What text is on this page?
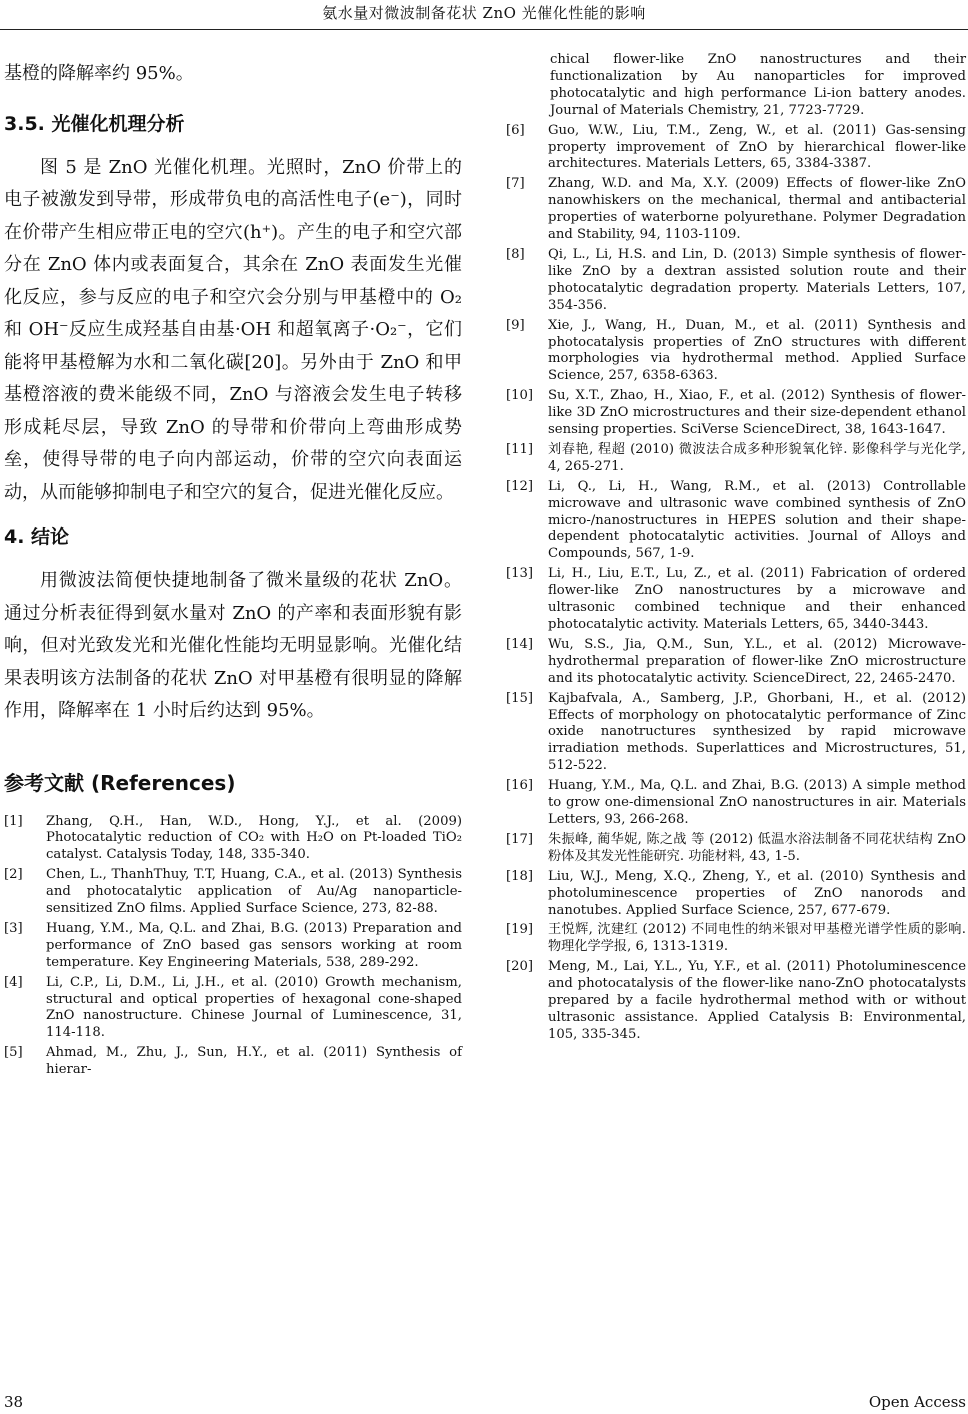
氨水量对微波制备花状 ZnO 光催化性能的影响

基橙的降解率约 95%。

3.5. 光催化机理分析

图 5 是 ZnO 光催化机理。光照时，ZnO 价带上的电子被激发到导带，形成带负电的高活性电子(e⁻)，同时在价带产生相应带正电的空穴(h⁺)。产生的电子和空穴部分在 ZnO 体内或表面复合，其余在 ZnO 表面发生光催化反应，参与反应的电子和空穴会分别与甲基橙中的 O₂ 和 OH⁻反应生成羟基自由基·OH 和超氧离子·O₂⁻，它们能将甲基橙解为水和二氧化碳[20]。另外由于 ZnO 和甲基橙溶液的费米能级不同，ZnO 与溶液会发生电子转移形成耗尽层，导致 ZnO 的导带和价带向上弯曲形成势垒，使得导带的电子向内部运动，价带的空穴向表面运动，从而能够抑制电子和空穴的复合，促进光催化反应。

4. 结论

用微波法简便快捷地制备了微米量级的花状 ZnO。通过分析表征得到氨水量对 ZnO 的产率和表面形貌有影响，但对光致发光和光催化性能均无明显影响。光催化结果表明该方法制备的花状 ZnO 对甲基橙有很明显的降解作用，降解率在 1 小时后约达到 95%。

参考文献 (References)
[1]	Zhang, Q.H., Han, W.D., Hong, Y.J., et al. (2009) Photocatalytic reduction of CO₂ with H₂O on Pt-loaded TiO₂ catalyst. Catalysis Today, 148, 335-340.
[2]	Chen, L., ThanhThuy, T.T, Huang, C.A., et al. (2013) Synthesis and photocatalytic application of Au/Ag nanoparticle-sensitized ZnO films. Applied Surface Science, 273, 82-88.
[3]	Huang, Y.M., Ma, Q.L. and Zhai, B.G. (2013) Preparation and performance of ZnO based gas sensors working at room temperature. Key Engineering Materials, 538, 289-292.
[4]	Li, C.P., Li, D.M., Li, J.H., et al. (2010) Growth mechanism, structural and optical properties of hexagonal cone-shaped ZnO nanostructure. Chinese Journal of Luminescence, 31, 114-118.
[5]	Ahmad, M., Zhu, J., Sun, H.Y., et al. (2011) Synthesis of hierar-
chical flower-like ZnO nanostructures and their functionalization by Au nanoparticles for improved photocatalytic and high performance Li-ion battery anodes. Journal of Materials Chemistry, 21, 7723-7729.
[6]	Guo, W.W., Liu, T.M., Zeng, W., et al. (2011) Gas-sensing property improvement of ZnO by hierarchical flower-like architectures. Materials Letters, 65, 3384-3387.
[7]	Zhang, W.D. and Ma, X.Y. (2009) Effects of flower-like ZnO nanowhiskers on the mechanical, thermal and antibacterial properties of waterborne polyurethane. Polymer Degradation and Stability, 94, 1103-1109.
[8]	Qi, L., Li, H.S. and Lin, D. (2013) Simple synthesis of flower-like ZnO by a dextran assisted solution route and their photocatalytic degradation property. Materials Letters, 107, 354-356.
[9]	Xie, J., Wang, H., Duan, M., et al. (2011) Synthesis and photocatalysis properties of ZnO structures with different morphologies via hydrothermal method. Applied Surface Science, 257, 6358-6363.
[10]	Su, X.T., Zhao, H., Xiao, F., et al. (2012) Synthesis of flower-like 3D ZnO microstructures and their size-dependent ethanol sensing properties. SciVerse ScienceDirect, 38, 1643-1647.
[11]	刘春艳, 程超 (2010) 微波法合成多种形貌氧化锌. 影像科学与光化学, 4, 265-271.
[12]	Li, Q., Li, H., Wang, R.M., et al. (2013) Controllable microwave and ultrasonic wave combined synthesis of ZnO micro-/nanostructures in HEPES solution and their shape-dependent photocatalytic activities. Journal of Alloys and Compounds, 567, 1-9.
[13]	Li, H., Liu, E.T., Lu, Z., et al. (2011) Fabrication of ordered flower-like ZnO nanostructures by a microwave and ultrasonic combined technique and their enhanced photocatalytic activity. Materials Letters, 65, 3440-3443.
[14]	Wu, S.S., Jia, Q.M., Sun, Y.L., et al. (2012) Microwave-hydrothermal preparation of flower-like ZnO microstructure and its photocatalytic activity. ScienceDirect, 22, 2465-2470.
[15]	Kajbafvala, A., Samberg, J.P., Ghorbani, H., et al. (2012) Effects of morphology on photocatalytic performance of Zinc oxide nanotructures synthesized by rapid microwave irradiation methods. Superlattices and Microstructures, 51, 512-522.
[16]	Huang, Y.M., Ma, Q.L. and Zhai, B.G. (2013) A simple method to grow one-dimensional ZnO nanostructures in air. Materials Letters, 93, 266-268.
[17]	朱振峰, 蔺华妮, 陈之战 等 (2012) 低温水浴法制备不同花状结构 ZnO 粉体及其发光性能研究. 功能材料, 43, 1-5.
[18]	Liu, W.J., Meng, X.Q., Zheng, Y., et al. (2010) Synthesis and photoluminescence properties of ZnO nanorods and nanotubes. Applied Surface Science, 257, 677-679.
[19]	王悦辉, 沈建红 (2012) 不同电性的纳米银对甲基橙光谱学性质的影响. 物理化学学报, 6, 1313-1319.
[20]	Meng, M., Lai, Y.L., Yu, Y.F., et al. (2011) Photoluminescence and photocatalysis of the flower-like nano-ZnO photocatalysts prepared by a facile hydrothermal method with or without ultrasonic assistance. Applied Catalysis B: Environmental, 105, 335-345.
38	Open Access
